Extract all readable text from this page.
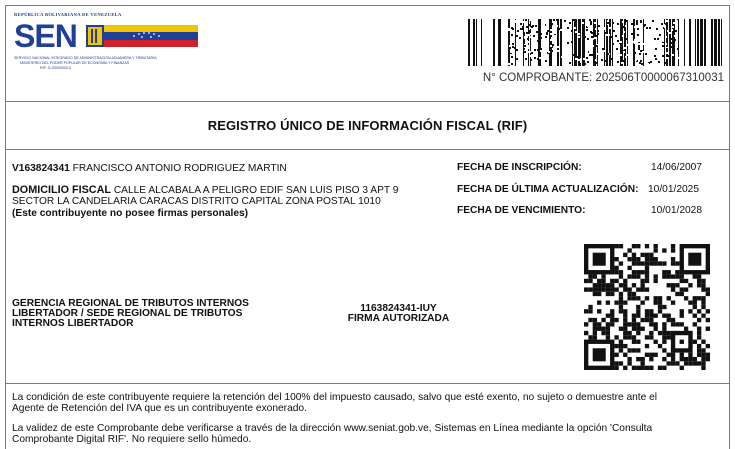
REPÚBLICA BOLIVARIANA DE VENEZUELA
SEN
SERVICIO NACIONAL INTEGRADO DE ADMINISTRACIÓN ADUANERA Y TRIBUTARIA
MINISTERIO DEL PODER POPULAR DE ECONOMÍA Y FINANZAS
RIF: G-20000303-0
N° COMPROBANTE: 202506T0000067310031
REGISTRO ÚNICO DE INFORMACIÓN FISCAL (RIF)
V163824341 FRANCISCO ANTONIO RODRIGUEZ MARTIN
DOMICILIO FISCAL CALLE ALCABALA A PELIGRO EDIF SAN LUIS PISO 3 APT 9
SECTOR LA CANDELARIA CARACAS DISTRITO CAPITAL ZONA POSTAL 1010
(Este contribuyente no posee firmas personales)
FECHA DE INSCRIPCIÓN:	14/06/2007
FECHA DE ÚLTIMA ACTUALIZACIÓN: 10/01/2025
FECHA DE VENCIMIENTO:	10/01/2028
GERENCIA REGIONAL DE TRIBUTOS INTERNOS
LIBERTADOR / SEDE REGIONAL DE TRIBUTOS
INTERNOS LIBERTADOR
1163824341-IUY
FIRMA AUTORIZADA

La condición de este contribuyente requiere la retención del 100% del impuesto causado, salvo que esté exento, no sujeto o demuestre ante el
Agente de Retención del IVA que es un contribuyente exonerado.

La validez de este Comprobante debe verificarse a través de la dirección www.seniat.gob.ve, Sistemas en Línea mediante la opción 'Consulta
Comprobante Digital RIF'. No requiere sello húmedo.
